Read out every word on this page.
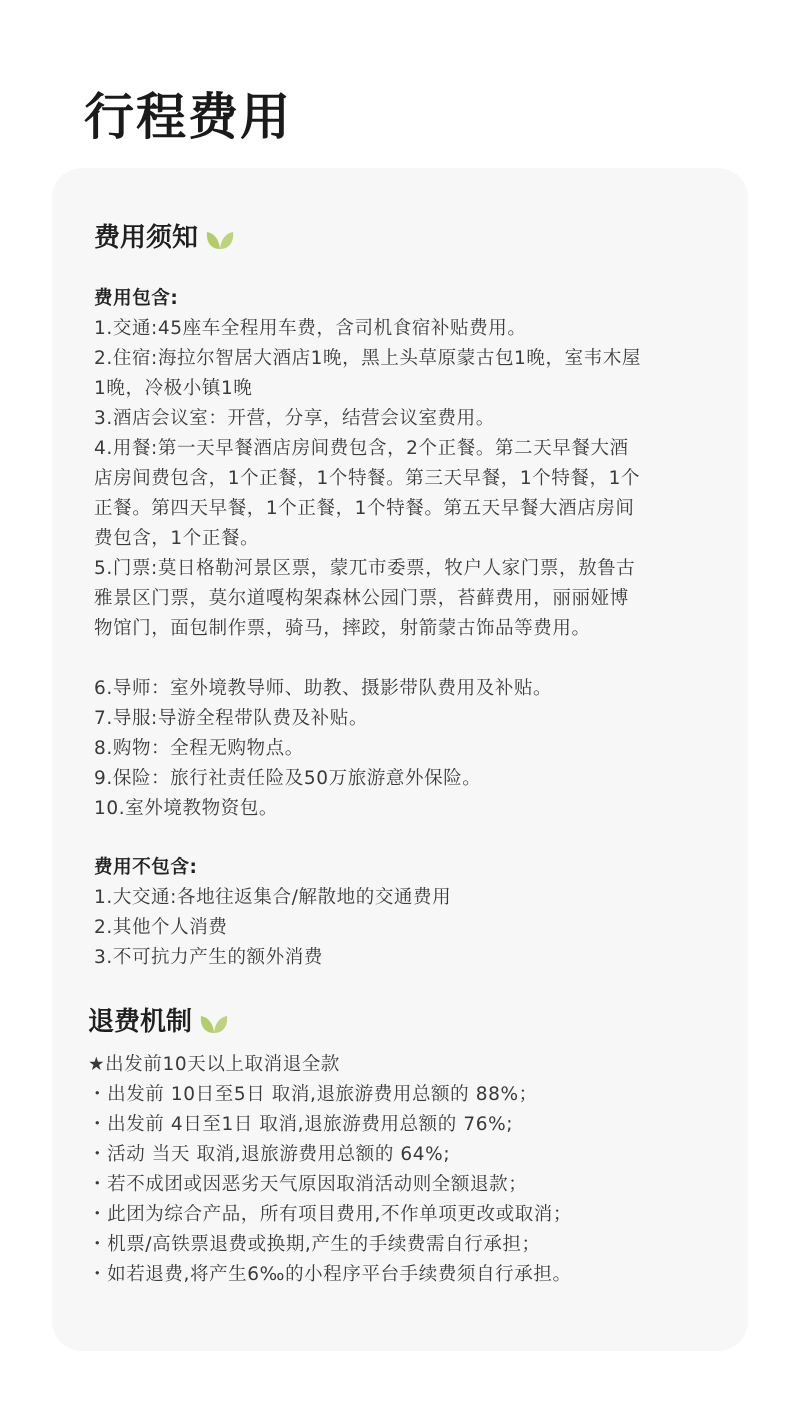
行程费用
费用须知
费用包含:
1.交通:45座车全程用车费，含司机食宿补贴费用。
2.住宿:海拉尔智居大酒店1晚，黑上头草原蒙古包1晚，室韦木屋
1晚，冷极小镇1晚
3.酒店会议室：开营，分享，结营会议室费用。
4.用餐:第一天早餐酒店房间费包含，2个正餐。第二天早餐大酒
店房间费包含，1个正餐，1个特餐。第三天早餐，1个特餐，1个
正餐。第四天早餐，1个正餐，1个特餐。第五天早餐大酒店房间
费包含，1个正餐。
5.门票:莫日格勒河景区票，蒙兀市委票，牧户人家门票，敖鲁古
雅景区门票，莫尔道嘎构架森林公园门票，苔藓费用，丽丽娅博
物馆门，面包制作票，骑马，摔跤，射箭蒙古饰品等费用。
6.导师：室外境教导师、助教、摄影带队费用及补贴。
7.导服:导游全程带队费及补贴。
8.购物：全程无购物点。
9.保险：旅行社责任险及50万旅游意外保险。
10.室外境教物资包。
费用不包含:
1.大交通:各地往返集合/解散地的交通费用
2.其他个人消费
3.不可抗力产生的额外消费
退费机制
★出发前10天以上取消退全款
・出发前 10日至5日 取消,退旅游费用总额的 88%；
・出发前 4日至1日 取消,退旅游费用总额的 76%;
・活动 当天 取消,退旅游费用总额的 64%;
・若不成团或因恶劣天气原因取消活动则全额退款；
・此团为综合产品，所有项目费用,不作单项更改或取消；
・机票/高铁票退费或换期,产生的手续费需自行承担；
・如若退费,将产生6‰的小程序平台手续费须自行承担。
